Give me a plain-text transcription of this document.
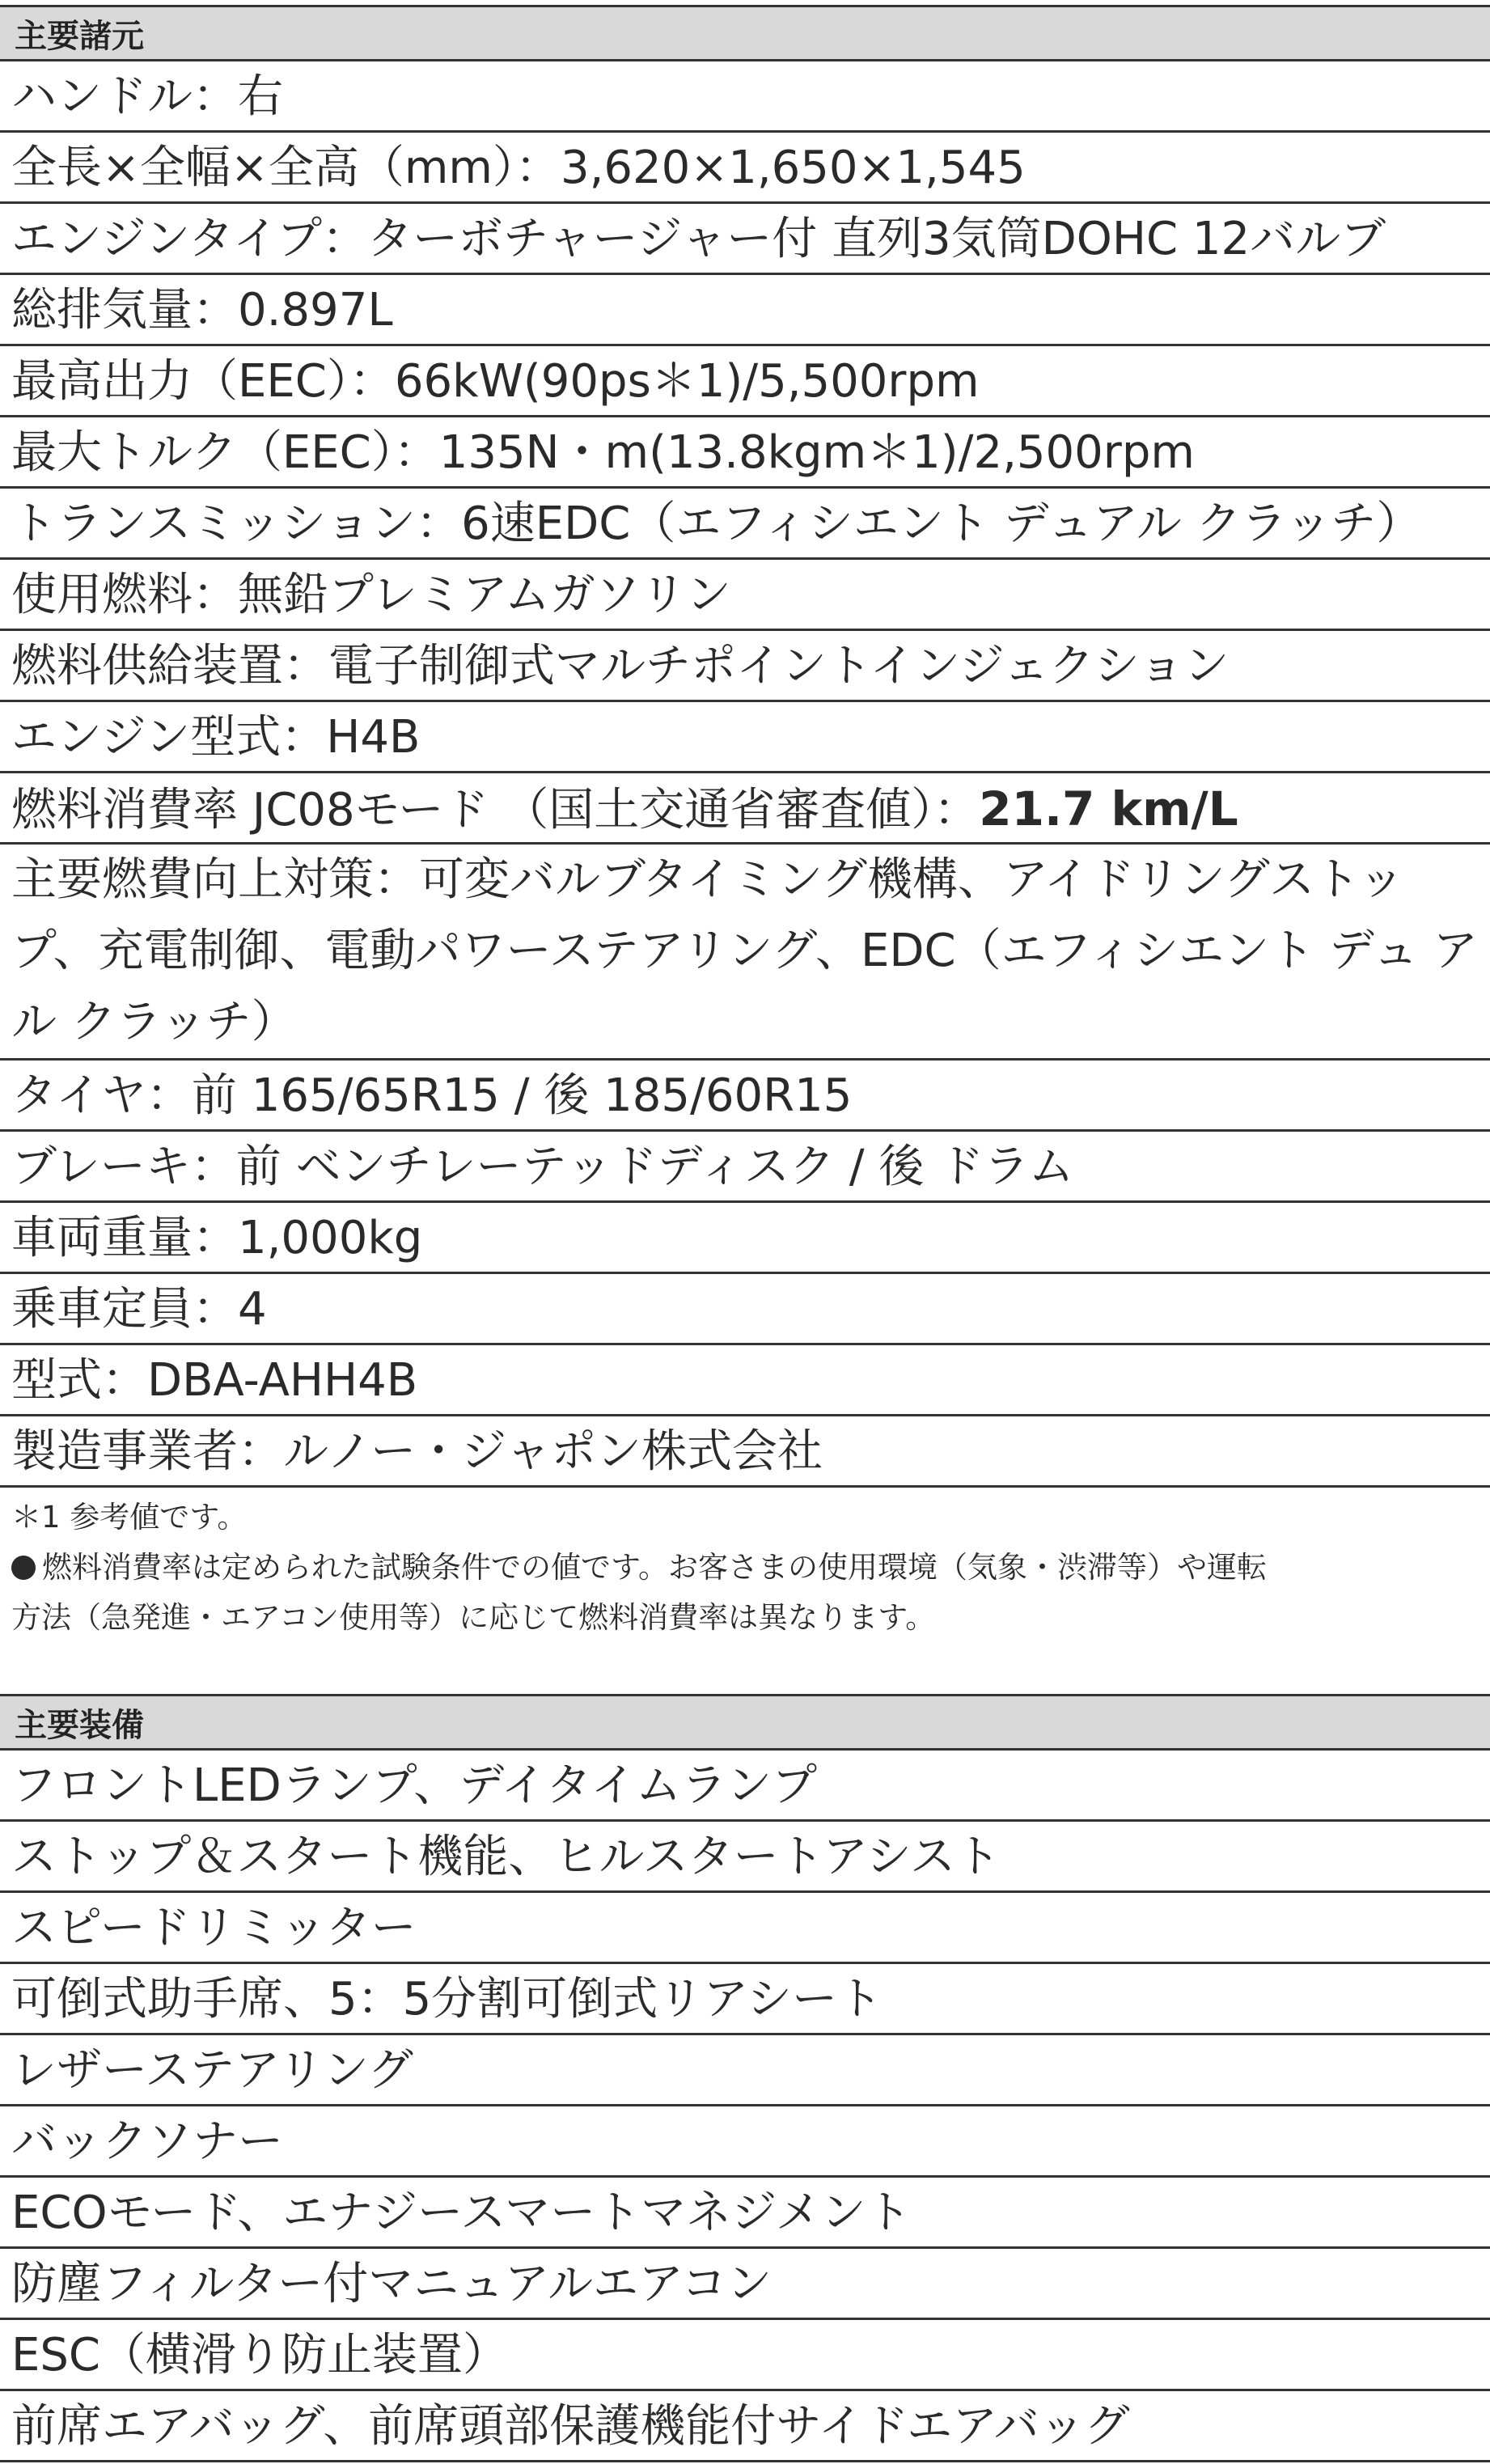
主要諸元
ハンドル：右
全長×全幅×全高（mm）：3,620×1,650×1,545
エンジンタイプ：ターボチャージャー付 直列3気筒DOHC 12バルブ
総排気量：0.897L
最高出力（EEC）：66kW(90ps＊1)/5,500rpm
最大トルク（EEC）：135N・m(13.8kgm＊1)/2,500rpm
トランスミッション：6速EDC（エフィシエント デュアル クラッチ）
使用燃料：無鉛プレミアムガソリン
燃料供給装置：電子制御式マルチポイントインジェクション
エンジン型式：H4B
燃料消費率 JC08モード （国土交通省審査値）：21.7 km/L
主要燃費向上対策：可変バルブタイミング機構、アイドリングストッ プ、充電制御、電動パワーステアリング、EDC（エフィシエント デュ アル クラッチ）
タイヤ：前 165/65R15 / 後 185/60R15
ブレーキ：前 ベンチレーテッドディスク / 後 ドラム
車両重量：1,000kg
乗車定員：4
型式：DBA-AHH4B
製造事業者：ルノー・ジャポン株式会社
＊1 参考値です。
燃料消費率は定められた試験条件での値です。お客さまの使用環境（気象・渋滞等）や運転
方法（急発進・エアコン使用等）に応じて燃料消費率は異なります。
主要装備
フロントLEDランプ、デイタイムランプ
ストップ＆スタート機能、ヒルスタートアシスト
スピードリミッター
可倒式助手席、5：5分割可倒式リアシート
レザーステアリング
バックソナー
ECOモード、エナジースマートマネジメント
防塵フィルター付マニュアルエアコン
ESC（横滑り防止装置）
前席エアバッグ、前席頭部保護機能付サイドエアバッグ
